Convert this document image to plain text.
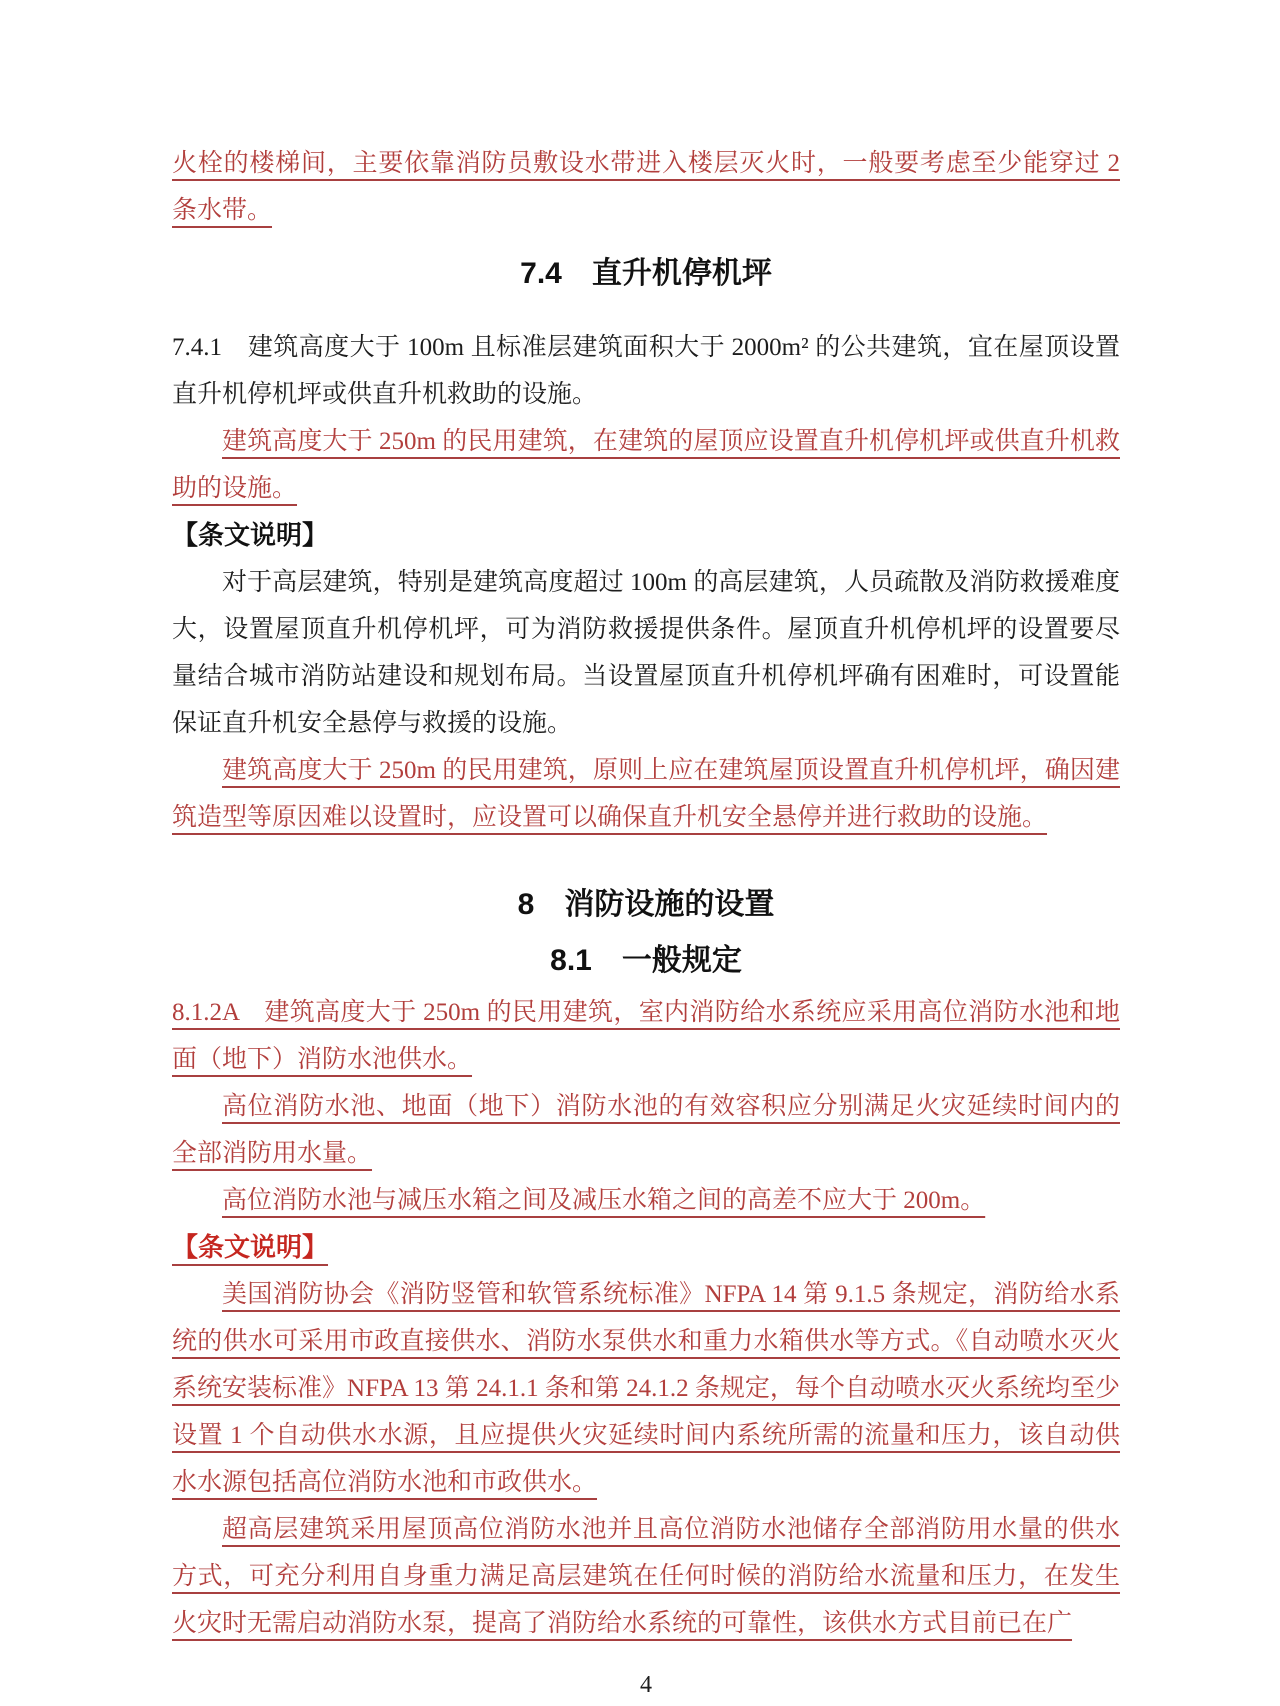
火栓的楼梯间，主要依靠消防员敷设水带进入楼层灭火时，一般要考虑至少能穿过 2 条水带。

7.4　直升机停机坪

7.4.1　建筑高度大于 100m 且标准层建筑面积大于 2000m² 的公共建筑，宜在屋顶设置直升机停机坪或供直升机救助的设施。

建筑高度大于 250m 的民用建筑，在建筑的屋顶应设置直升机停机坪或供直升机救助的设施。

【条文说明】

对于高层建筑，特别是建筑高度超过 100m 的高层建筑，人员疏散及消防救援难度大，设置屋顶直升机停机坪，可为消防救援提供条件。屋顶直升机停机坪的设置要尽量结合城市消防站建设和规划布局。当设置屋顶直升机停机坪确有困难时，可设置能保证直升机安全悬停与救援的设施。

建筑高度大于 250m 的民用建筑，原则上应在建筑屋顶设置直升机停机坪，确因建筑造型等原因难以设置时，应设置可以确保直升机安全悬停并进行救助的设施。

8　消防设施的设置

8.1　一般规定

8.1.2A　建筑高度大于 250m 的民用建筑，室内消防给水系统应采用高位消防水池和地面（地下）消防水池供水。

高位消防水池、地面（地下）消防水池的有效容积应分别满足火灾延续时间内的全部消防用水量。

高位消防水池与减压水箱之间及减压水箱之间的高差不应大于 200m。

【条文说明】

美国消防协会《消防竖管和软管系统标准》NFPA 14 第 9.1.5 条规定，消防给水系统的供水可采用市政直接供水、消防水泵供水和重力水箱供水等方式。《自动喷水灭火系统安装标准》NFPA 13 第 24.1.1 条和第 24.1.2 条规定，每个自动喷水灭火系统均至少设置 1 个自动供水水源，且应提供火灾延续时间内系统所需的流量和压力，该自动供水水源包括高位消防水池和市政供水。

超高层建筑采用屋顶高位消防水池并且高位消防水池储存全部消防用水量的供水方式，可充分利用自身重力满足高层建筑在任何时候的消防给水流量和压力，在发生火灾时无需启动消防水泵，提高了消防给水系统的可靠性，该供水方式目前已在广

4
